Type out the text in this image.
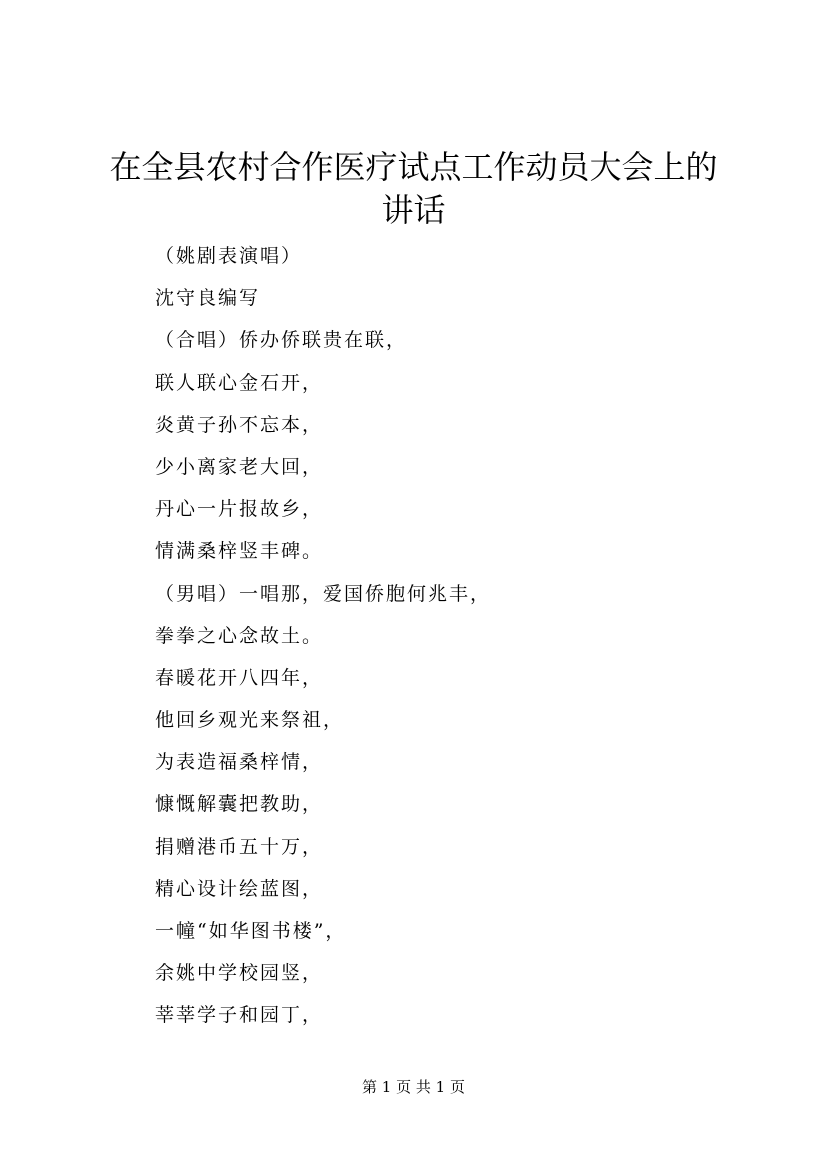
在全县农村合作医疗试点工作动员大会上的讲话
（姚剧表演唱）
沈守良编写
（合唱）侨办侨联贵在联，
联人联心金石开，
炎黄子孙不忘本，
少小离家老大回，
丹心一片报故乡，
情满桑梓竖丰碑。
（男唱）一唱那，爱国侨胞何兆丰，
拳拳之心念故土。
春暖花开八四年，
他回乡观光来祭祖，
为表造福桑梓情，
慷慨解囊把教助，
捐赠港币五十万，
精心设计绘蓝图，
一幢“如华图书楼”，
余姚中学校园竖，
莘莘学子和园丁，
第 1 页 共 1 页
